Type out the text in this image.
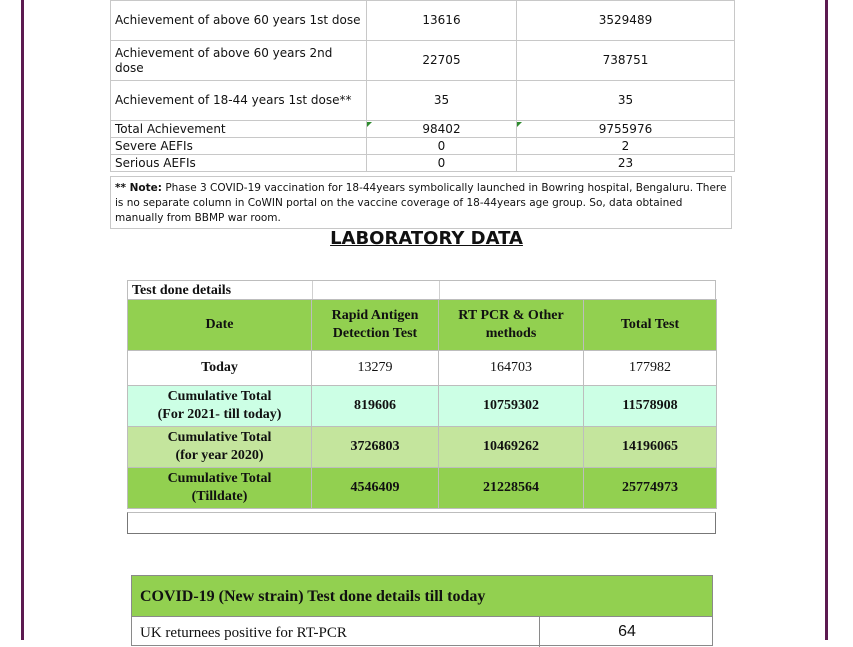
Achievement of above 60 years 1st dose	13616	3529489
Achievement of above 60 years 2nd dose	22705	738751
Achievement of 18-44 years 1st dose**	35	35
Total Achievement	98402	9755976
Severe AEFIs	0	2
Serious AEFIs	0	23
** Note: Phase 3 COVID-19 vaccination for 18-44years symbolically launched in Bowring hospital, Bengaluru. There is no separate column in CoWIN portal on the vaccine coverage of 18-44years age group. So, data obtained manually from BBMP war room.
LABORATORY DATA
Test done details
Date	Rapid Antigen Detection Test	RT PCR & Other methods	Total Test
Today	13279	164703	177982

Cumulative Total
(For 2021- till today)	819606	10759302	11578908

Cumulative Total
(for year 2020)	3726803	10469262	14196065

Cumulative Total
(Tilldate)	4546409	21228564	25774973
COVID-19 (New strain) Test done details till today
UK returnees positive for RT-PCR	64
